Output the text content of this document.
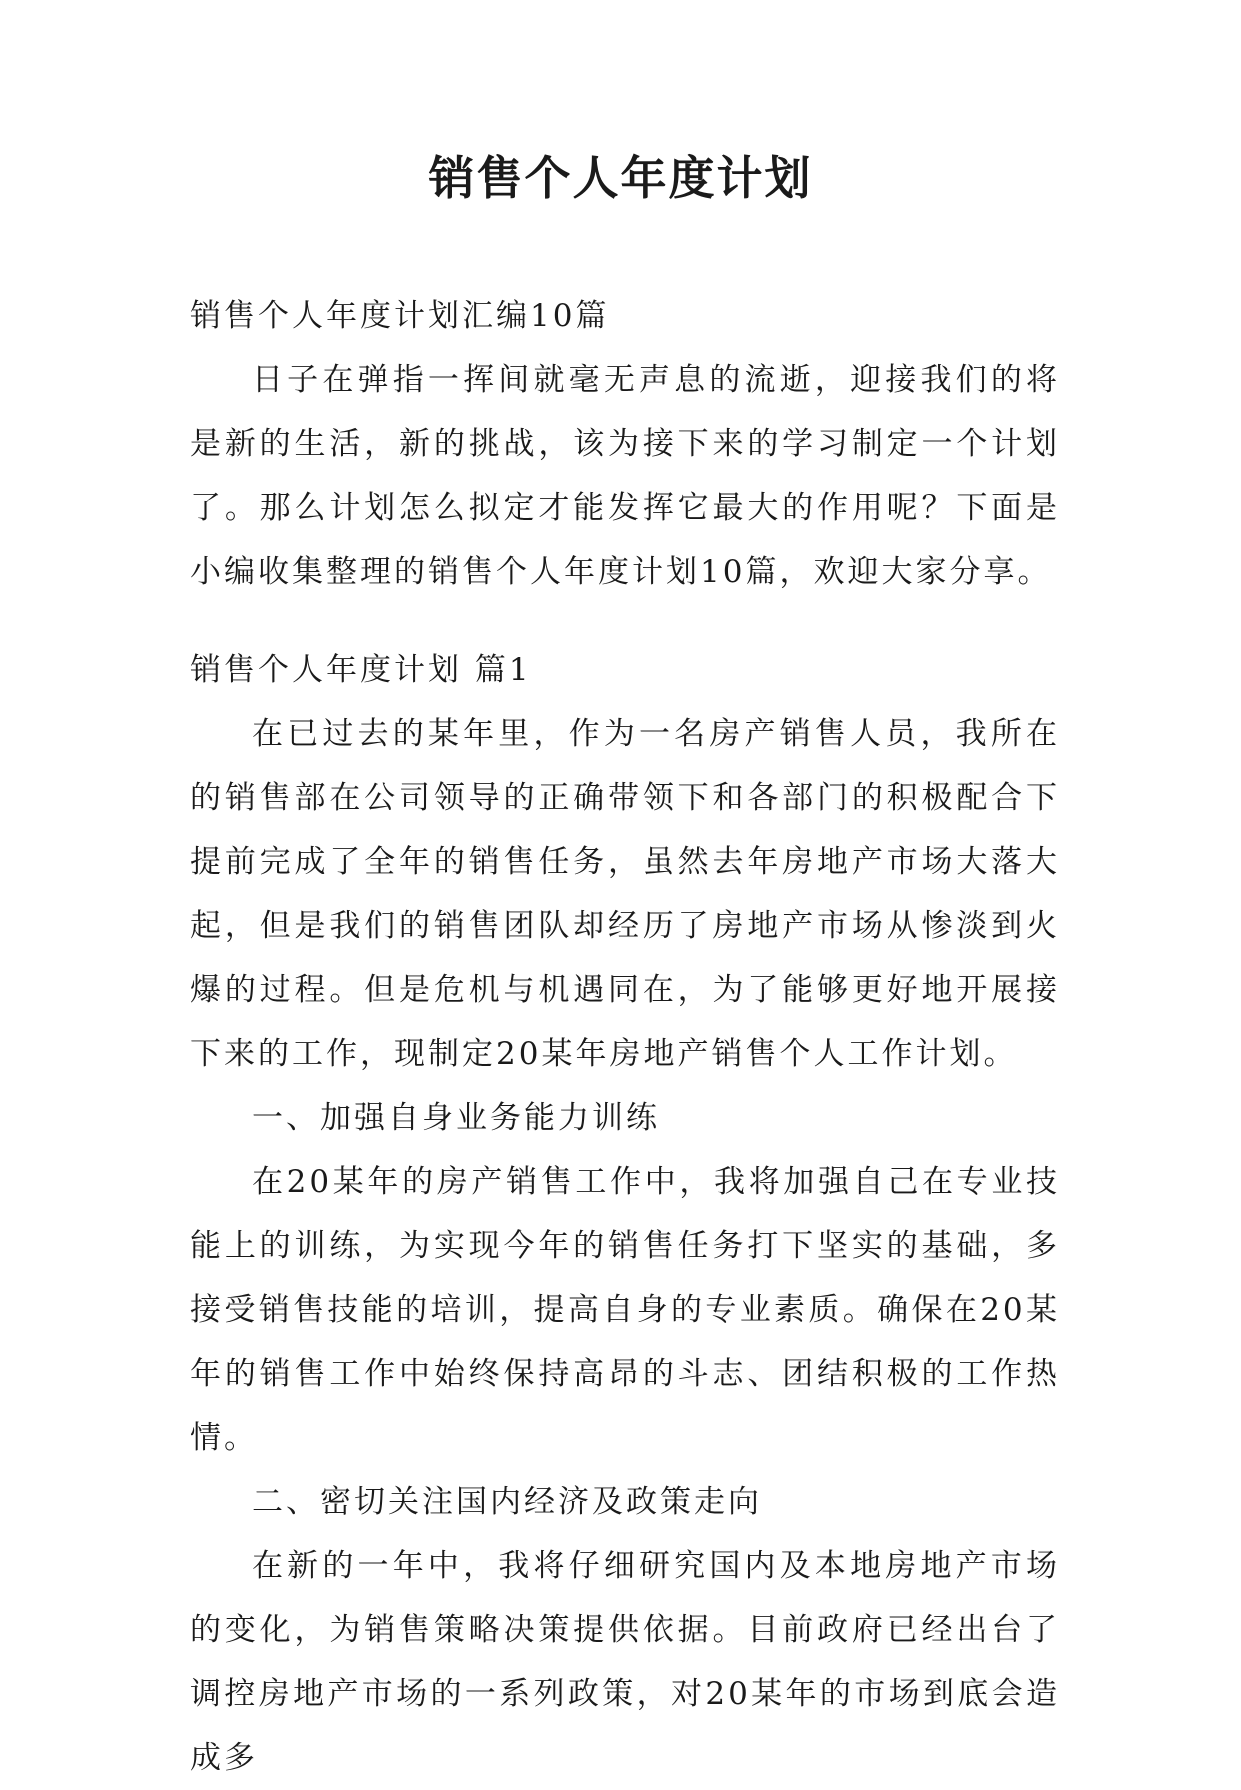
销售个人年度计划

销售个人年度计划汇编10篇

日子在弹指一挥间就毫无声息的流逝，迎接我们的将是新的生活，新的挑战，该为接下来的学习制定一个计划了。那么计划怎么拟定才能发挥它最大的作用呢？下面是小编收集整理的销售个人年度计划10篇，欢迎大家分享。

销售个人年度计划 篇1

在已过去的某年里，作为一名房产销售人员，我所在的销售部在公司领导的正确带领下和各部门的积极配合下提前完成了全年的销售任务，虽然去年房地产市场大落大起，但是我们的销售团队却经历了房地产市场从惨淡到火爆的过程。但是危机与机遇同在，为了能够更好地开展接下来的工作，现制定20某年房地产销售个人工作计划。

一、加强自身业务能力训练

在20某年的房产销售工作中，我将加强自己在专业技能上的训练，为实现今年的销售任务打下坚实的基础，多接受销售技能的培训，提高自身的专业素质。确保在20某年的销售工作中始终保持高昂的斗志、团结积极的工作热情。

二、密切关注国内经济及政策走向

在新的一年中，我将仔细研究国内及本地房地产市场的变化，为销售策略决策提供依据。目前政府已经出台了调控房地产市场的一系列政策，对20某年的市场到底会造成多
